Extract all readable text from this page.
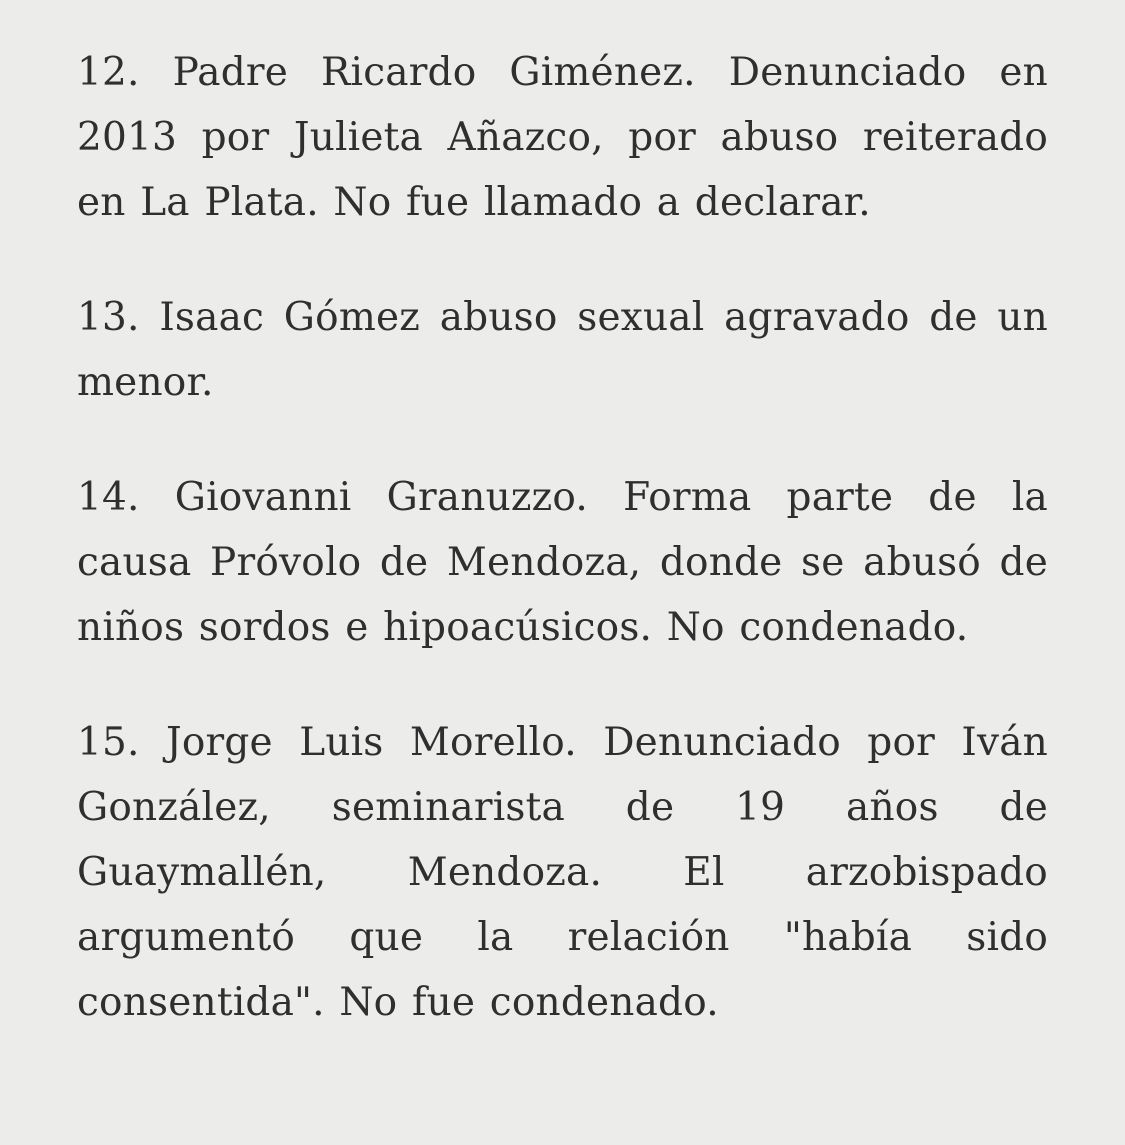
12. Padre Ricardo Giménez. Denunciado en 2013 por Julieta Añazco, por abuso reiterado en La Plata. No fue llamado a declarar.

13. Isaac Gómez abuso sexual agravado de un menor.

14. Giovanni Granuzzo. Forma parte de la causa Próvolo de Mendoza, donde se abusó de niños sordos e hipoacúsicos. No condenado.

15. Jorge Luis Morello. Denunciado por Iván González, seminarista de 19 años de Guaymallén, Mendoza. El arzobispado argumentó que la relación "había sido consentida". No fue condenado.
